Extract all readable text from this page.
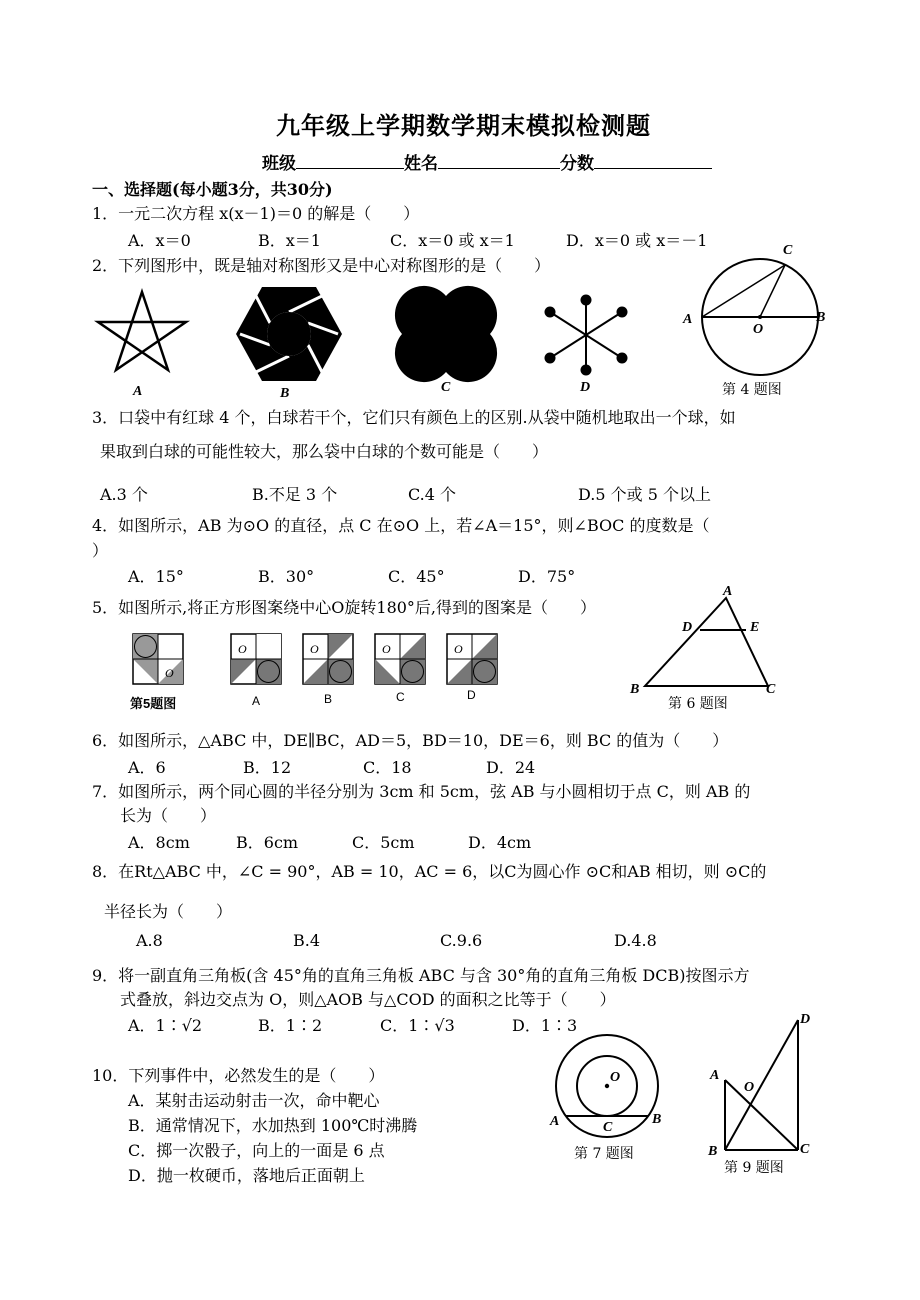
九年级上学期数学期末模拟检测题
班级	姓名	分数
一、选择题(每小题3分，共30分)
1．一元二次方程 x(x－1)＝0 的解是（　　）
A．x＝0	B．x＝1	C．x＝0 或 x＝1	D．x＝0 或 x＝－1
2．下列图形中，既是轴对称图形又是中心对称图形的是（　　）
A	B	C	D
C
A
O
B
第 4 题图
3．口袋中有红球 4 个，白球若干个，它们只有颜色上的区别.从袋中随机地取出一个球，如
果取到白球的可能性较大，那么袋中白球的个数可能是（　　）
A.3 个	B.不足 3 个	C.4 个	D.5 个或 5 个以上
4．如图所示，AB 为⊙O 的直径，点 C 在⊙O 上，若∠A＝15°，则∠BOC 的度数是（
）
A．15°	B．30°	C．45°	D．75°
5．如图所示,将正方形图案绕中心O旋转180°后,得到的图案是（　　）
O
O	O	O	O
第5题图	A	B	C	D
A
D	E
B	C
第 6 题图
6．如图所示，△ABC 中，DE∥BC，AD＝5，BD＝10，DE＝6，则 BC 的值为（　　）
A．6	B．12	C．18	D．24
7．如图所示，两个同心圆的半径分别为 3cm 和 5cm，弦 AB 与小圆相切于点 C，则 AB 的
长为（　　）
A．8cm	B．6cm	C．5cm	D．4cm
8．在Rt△ABC 中，∠C = 90°，AB = 10，AC = 6，以C为圆心作 ⊙C和AB 相切，则 ⊙C的
半径长为（　　）
A.8	B.4	C.9.6	D.4.8
9．将一副直角三角板(含 45°角的直角三角板 ABC 与含 30°角的直角三角板 DCB)按图示方
式叠放，斜边交点为 O，则△AOB 与△COD 的面积之比等于（　　）
A．1∶√2	B．1∶2	C．1∶√3	D．1∶3
10．下列事件中，必然发生的是（　　）
A．某射击运动射击一次，命中靶心
B．通常情况下，水加热到 100℃时沸腾
C．掷一次骰子，向上的一面是 6 点
D．抛一枚硬币，落地后正面朝上
O
A	C
B
第 7 题图
D
A
O
B	C
第 9 题图
